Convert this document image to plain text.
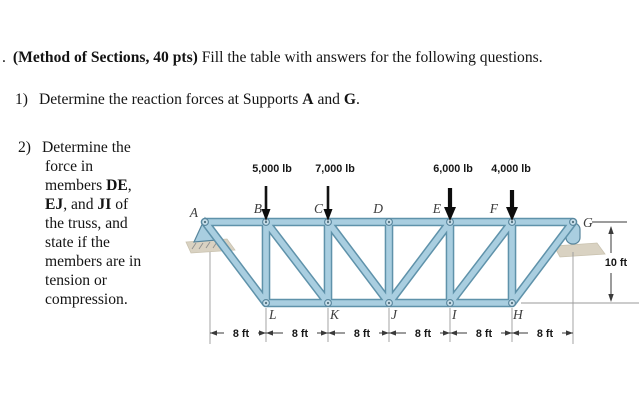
. (Method of Sections, 40 pts) Fill the table with answers for the following questions.
1) Determine the reaction forces at Supports A and G.
2) Determine the
force in
members DE,
EJ, and JI of
the truss, and
state if the
members are in
tension or
compression.
5,000 lb 7,000 lb	6,000 lb 4,000 lb
A	B	C	D	E	F
G
L	K	J	I	H
8 ft	8 ft	8 ft	8 ft	8 ft	8 ft
10 ft
